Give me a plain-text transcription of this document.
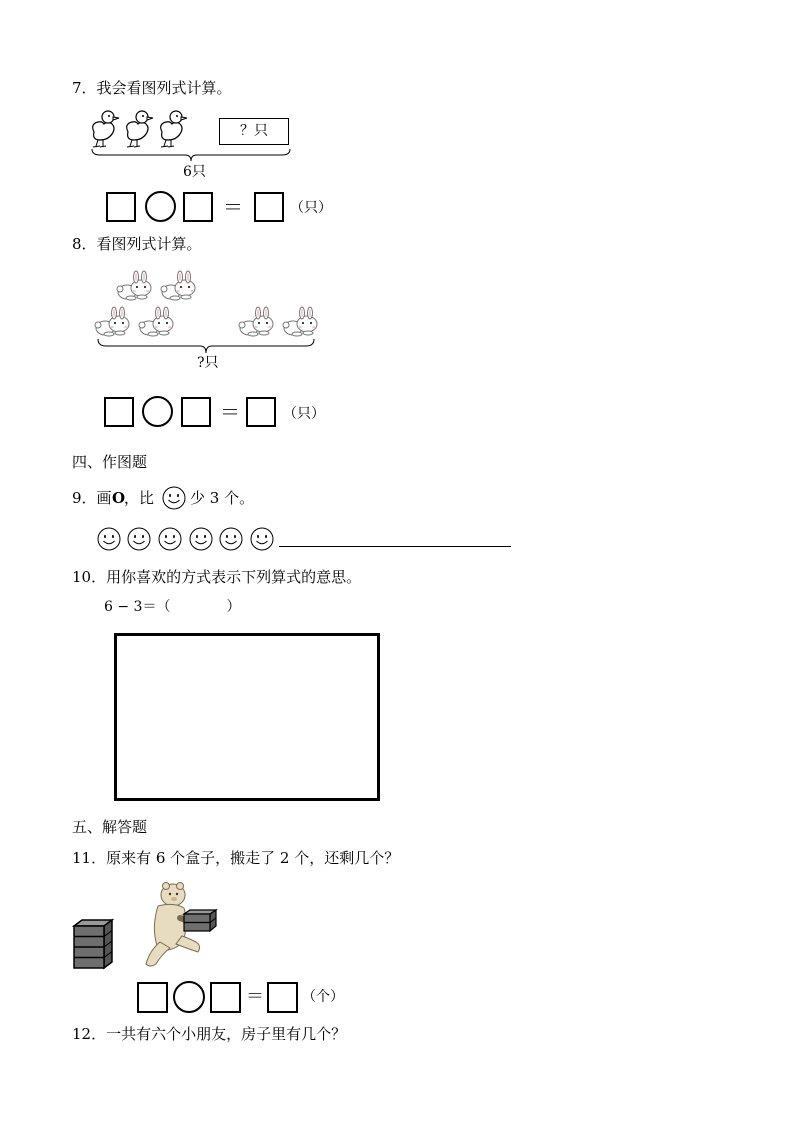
7．我会看图列式计算。
？只
6只
＝	（只）
8．看图列式计算。
?只
＝	（只）
四、作图题
9．画 O
，比 少 3 个。
10．用你喜欢的方式表示下列算式的意思。
6 − 3＝（　　　　）
五、解答题
11．原来有 6 个盒子，搬走了 2 个，还剩几个？
＝	（个）
12．一共有六个小朋友，房子里有几个？
